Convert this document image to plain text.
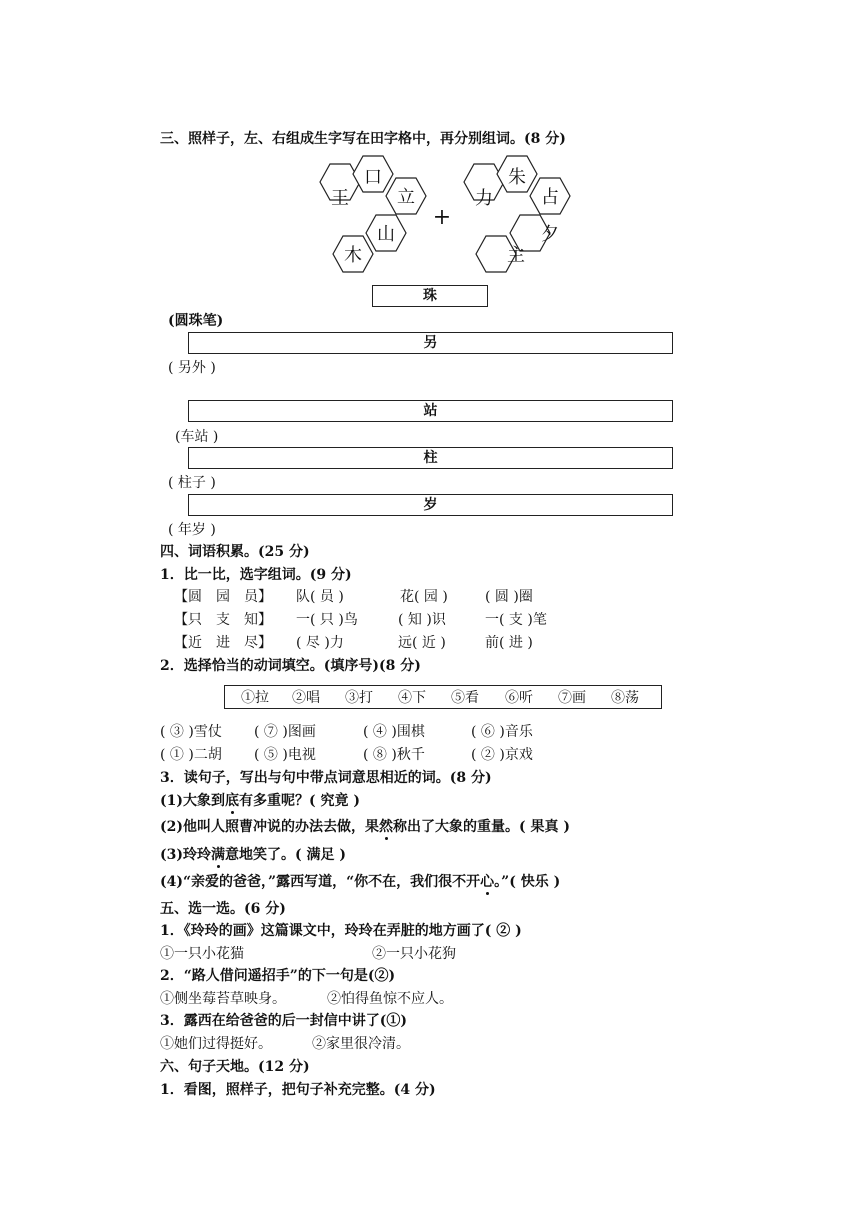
三、照样子，左、右组成生字写在田字格中，再分别组词。(8 分)
王
口
立
山
木
+
力
朱
占
夕
主
珠
(圆珠笔)
另
( 另外 )
站
(车站 )
柱
( 柱子 )
岁
( 年岁 )
四、词语积累。(25 分)
1．比一比，选字组词。(9 分)
【圆　园　员】 队( 员 )	花( 园 )	( 圆 )圈
【只　支　知】 一( 只 )鸟	( 知 )识	一( 支 )笔
【近　进　尽】 ( 尽 )力	远( 近 )	前( 进 )
2．选择恰当的动词填空。(填序号)(8 分)
①拉 ②唱 ③打 ④下 ⑤看 ⑥听 ⑦画 ⑧荡
( ③ )雪仗 ( ⑦ )图画	( ④ )围棋	( ⑥ )音乐
( ① )二胡 ( ⑤ )电视	( ⑧ )秋千	( ② )京戏
3．读句子，写出与句中带点词意思相近的词。(8 分)
(1)大象到底有多重呢？( 究竟 )
(2)他叫人照曹冲说的办法去做，果然称出了大象的重量。( 果真 )
(3)玲玲满意地笑了。( 满足 )
(4)“亲爱的爸爸，”露西写道，“你不在，我们很不开心。”( 快乐 )
五、选一选。(6 分)
1．《玲玲的画》这篇课文中，玲玲在弄脏的地方画了( ② )
①一只小花猫	②一只小花狗
2．“路人借问遥招手”的下一句是(②)
①侧坐莓苔草映身。	②怕得鱼惊不应人。
3．露西在给爸爸的后一封信中讲了(①)
①她们过得挺好。	②家里很冷清。
六、句子天地。(12 分)
1．看图，照样子，把句子补充完整。(4 分)
